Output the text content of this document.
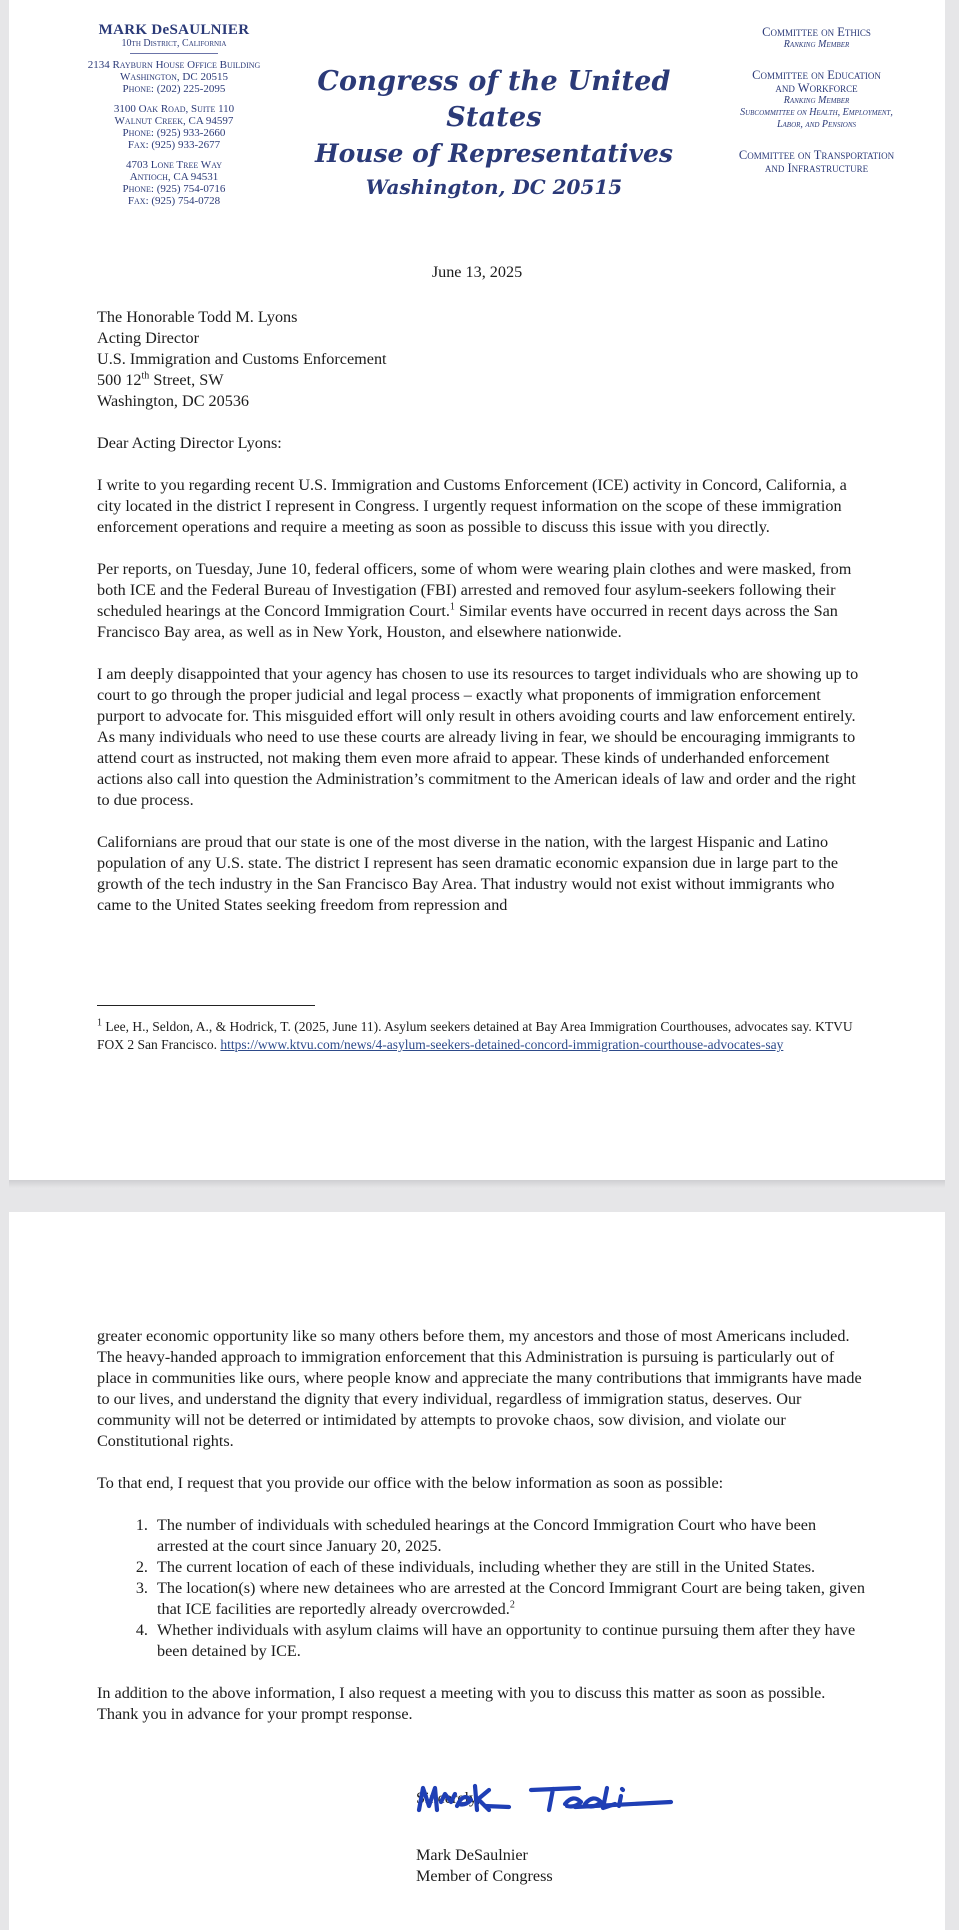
MARK DeSAULNIER
10th District, California
2134 Rayburn House Office Building
Washington, DC 20515
Phone: (202) 225-2095
3100 Oak Road, Suite 110
Walnut Creek, CA 94597
Phone: (925) 933-2660
Fax: (925) 933-2677
4703 Lone Tree Way
Antioch, CA 94531
Phone: (925) 754-0716
Fax: (925) 754-0728
Congress of the United States
House of Representatives
Washington, DC 20515
Committee on Ethics
Ranking Member
Committee on Education
and Workforce
Ranking Member
Subcommittee on Health, Employment,
Labor, and Pensions
Committee on Transportation
and Infrastructure
June 13, 2025
The Honorable Todd M. Lyons
Acting Director
U.S. Immigration and Customs Enforcement
500 12th Street, SW
Washington, DC 20536

Dear Acting Director Lyons:

I write to you regarding recent U.S. Immigration and Customs Enforcement (ICE) activity in Concord, California, a city located in the district I represent in Congress. I urgently request information on the scope of these immigration enforcement operations and require a meeting as soon as possible to discuss this issue with you directly.

Per reports, on Tuesday, June 10, federal officers, some of whom were wearing plain clothes and were masked, from both ICE and the Federal Bureau of Investigation (FBI) arrested and removed four asylum-seekers following their scheduled hearings at the Concord Immigration Court.$^1$ Similar events have occurred in recent days across the San Francisco Bay area, as well as in New York, Houston, and elsewhere nationwide.

I am deeply disappointed that your agency has chosen to use its resources to target individuals who are showing up to court to go through the proper judicial and legal process – exactly what proponents of immigration enforcement purport to advocate for. This misguided effort will only result in others avoiding courts and law enforcement entirely. As many individuals who need to use these courts are already living in fear, we should be encouraging immigrants to attend court as instructed, not making them even more afraid to appear. These kinds of underhanded enforcement actions also call into question the Administration’s commitment to the American ideals of law and order and the right to due process.

Californians are proud that our state is one of the most diverse in the nation, with the largest Hispanic and Latino population of any U.S. state. The district I represent has seen dramatic economic expansion due in large part to the growth of the tech industry in the San Francisco Bay Area. That industry would not exist without immigrants who came to the United States seeking freedom from repression and

$^1$ Lee, H., Seldon, A., & Hodrick, T. (2025, June 11). Asylum seekers detained at Bay Area Immigration Courthouses, advocates say. KTVU FOX 2 San Francisco. https://www.ktvu.com/news/4-asylum-seekers-detained-concord-immigration-courthouse-advocates-say

greater economic opportunity like so many others before them, my ancestors and those of most Americans included. The heavy-handed approach to immigration enforcement that this Administration is pursuing is particularly out of place in communities like ours, where people know and appreciate the many contributions that immigrants have made to our lives, and understand the dignity that every individual, regardless of immigration status, deserves. Our community will not be deterred or intimidated by attempts to provoke chaos, sow division, and violate our Constitutional rights.

To that end, I request that you provide our office with the below information as soon as possible:

1. The number of individuals with scheduled hearings at the Concord Immigration Court who have been arrested at the court since January 20, 2025.
2. The current location of each of these individuals, including whether they are still in the United States.
3. The location(s) where new detainees who are arrested at the Concord Immigrant Court are being taken, given that ICE facilities are reportedly already overcrowded.$^2$
4. Whether individuals with asylum claims will have an opportunity to continue pursuing them after they have been detained by ICE.

In addition to the above information, I also request a meeting with you to discuss this matter as soon as possible. Thank you in advance for your prompt response.

Sincerely,
Mark DeSaulnier
Member of Congress
